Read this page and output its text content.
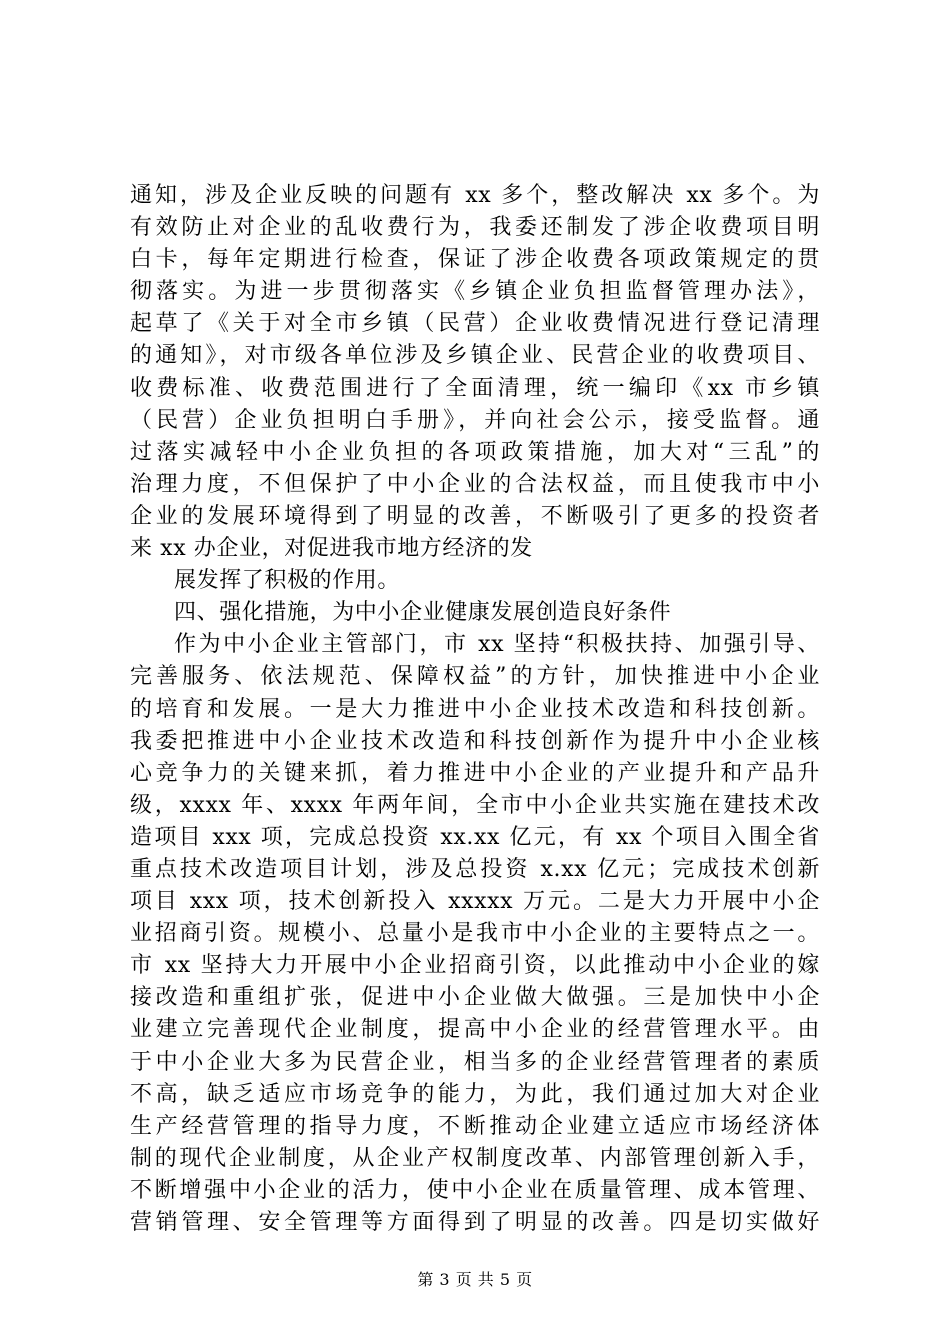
通知，涉及企业反映的问题有 xx 多个，整改解决 xx 多个。为
有效防止对企业的乱收费行为，我委还制发了涉企收费项目明
白卡，每年定期进行检查，保证了涉企收费各项政策规定的贯
彻落实。为进一步贯彻落实《乡镇企业负担监督管理办法》，
起草了《关于对全市乡镇（民营）企业收费情况进行登记清理
的通知》，对市级各单位涉及乡镇企业、民营企业的收费项目、
收费标准、收费范围进行了全面清理，统一编印《xx 市乡镇
（民营）企业负担明白手册》，并向社会公示，接受监督。通
过落实减轻中小企业负担的各项政策措施，加大对“三乱”的
治理力度，不但保护了中小企业的合法权益，而且使我市中小
企业的发展环境得到了明显的改善，不断吸引了更多的投资者
来 xx 办企业，对促进我市地方经济的发
展发挥了积极的作用。
四、强化措施，为中小企业健康发展创造良好条件
作为中小企业主管部门，市 xx 坚持“积极扶持、加强引导、
完善服务、依法规范、保障权益”的方针，加快推进中小企业
的培育和发展。一是大力推进中小企业技术改造和科技创新。
我委把推进中小企业技术改造和科技创新作为提升中小企业核
心竞争力的关键来抓，着力推进中小企业的产业提升和产品升
级，xxxx 年、xxxx 年两年间，全市中小企业共实施在建技术改
造项目 xxx 项，完成总投资 xx.xx 亿元，有 xx 个项目入围全省
重点技术改造项目计划，涉及总投资 x.xx 亿元；完成技术创新
项目 xxx 项，技术创新投入 xxxxx 万元。二是大力开展中小企
业招商引资。规模小、总量小是我市中小企业的主要特点之一。
市 xx 坚持大力开展中小企业招商引资，以此推动中小企业的嫁
接改造和重组扩张，促进中小企业做大做强。三是加快中小企
业建立完善现代企业制度，提高中小企业的经营管理水平。由
于中小企业大多为民营企业，相当多的企业经营管理者的素质
不高，缺乏适应市场竞争的能力，为此，我们通过加大对企业
生产经营管理的指导力度，不断推动企业建立适应市场经济体
制的现代企业制度，从企业产权制度改革、内部管理创新入手，
不断增强中小企业的活力，使中小企业在质量管理、成本管理、
营销管理、安全管理等方面得到了明显的改善。四是切实做好
第 3 页 共 5 页
